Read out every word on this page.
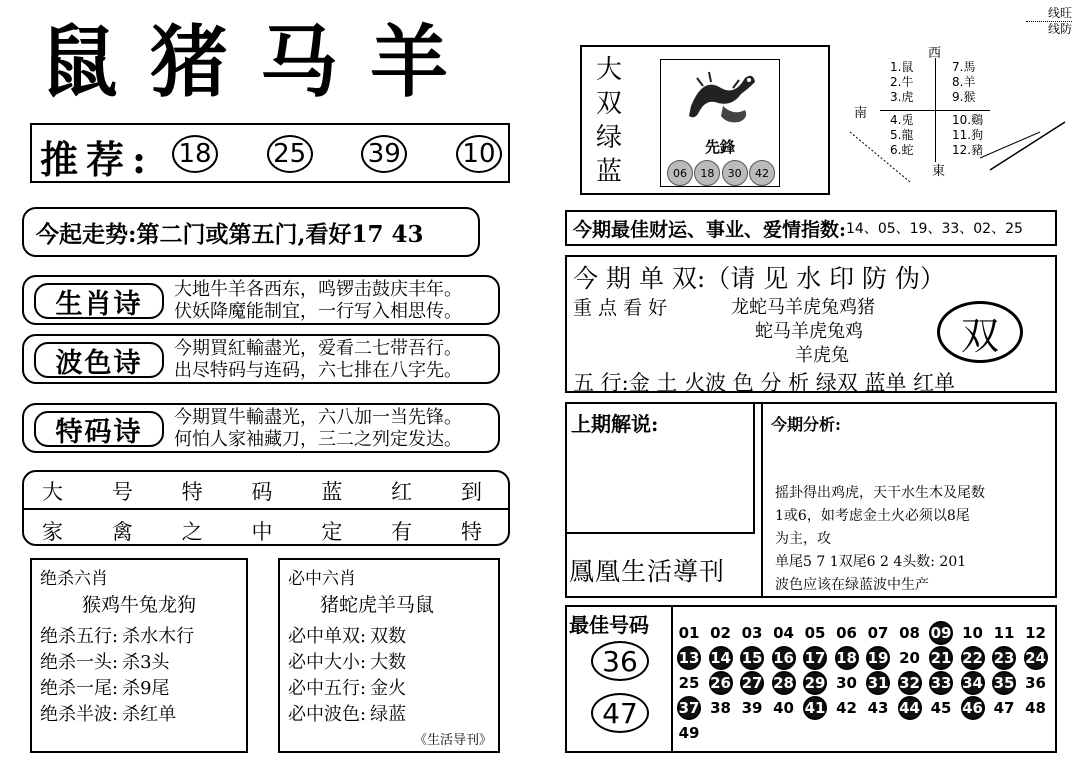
鼠猪马羊
线旺
线防
推荐: 18 25 39 10
今起走势:第二门或第五门,看好17 43
生肖诗	大地牛羊各西东，鸣锣击鼓庆丰年。
伏妖降魔能制宜，一行写入相思传。
波色诗	今期買紅輸盡光，爱看二七带吾行。
出尽特码与连码，六七排在八字先。
特码诗	今期買牛輸盡光，六八加一当先锋。
何怕人家袖藏刀，三二之列定发达。
大 号 特 码 蓝 红 到
家 禽 之 中 定 有 特
绝杀六肖
猴鸡牛兔龙狗
绝杀五行: 杀水木行
绝杀一头: 杀3头
绝杀一尾: 杀9尾
绝杀半波: 杀红单
必中六肖
猪蛇虎羊马鼠
必中单双: 双数
必中大小: 大数
必中五行: 金火
必中波色: 绿蓝
《生活导刊》
大
双
绿
蓝
先鋒
06	18	30	42
西
南
東
1.鼠
2.牛
3.虎
4.兎
5.龍
6.蛇
7.馬
8.羊
9.猴
10.鷄
11.狗
12.豬
今期最佳财运、事业、爱情指数: 14、05、19、33、02、25
今 期 单 双:（请 见 水 印 防 伪）
重 点 看 好	龙蛇马羊虎兔鸡猪
蛇马羊虎兔鸡
羊虎兔	双
五 行:金 土 火波 色 分 析 绿双 蓝单 红单
上期解说:
鳳凰生活導刊
今期分析:
摇卦得出鸡虎，天干水生木及尾数
1或6，如考虑金土火必须以8尾
为主，攻
单尾5 7 1双尾6 2 4头数: 201
波色应该在绿蓝波中生产
最佳号码
36
47
01 02 03 04 05 06 07 08 09 10 11 12
13 14 15 16 17 18 19 20 21 22 23 24
25 26 27 28 29 30 31 32 33 34 35 36
37 38 39 40 41 42 43 44 45 46 47 48
49
